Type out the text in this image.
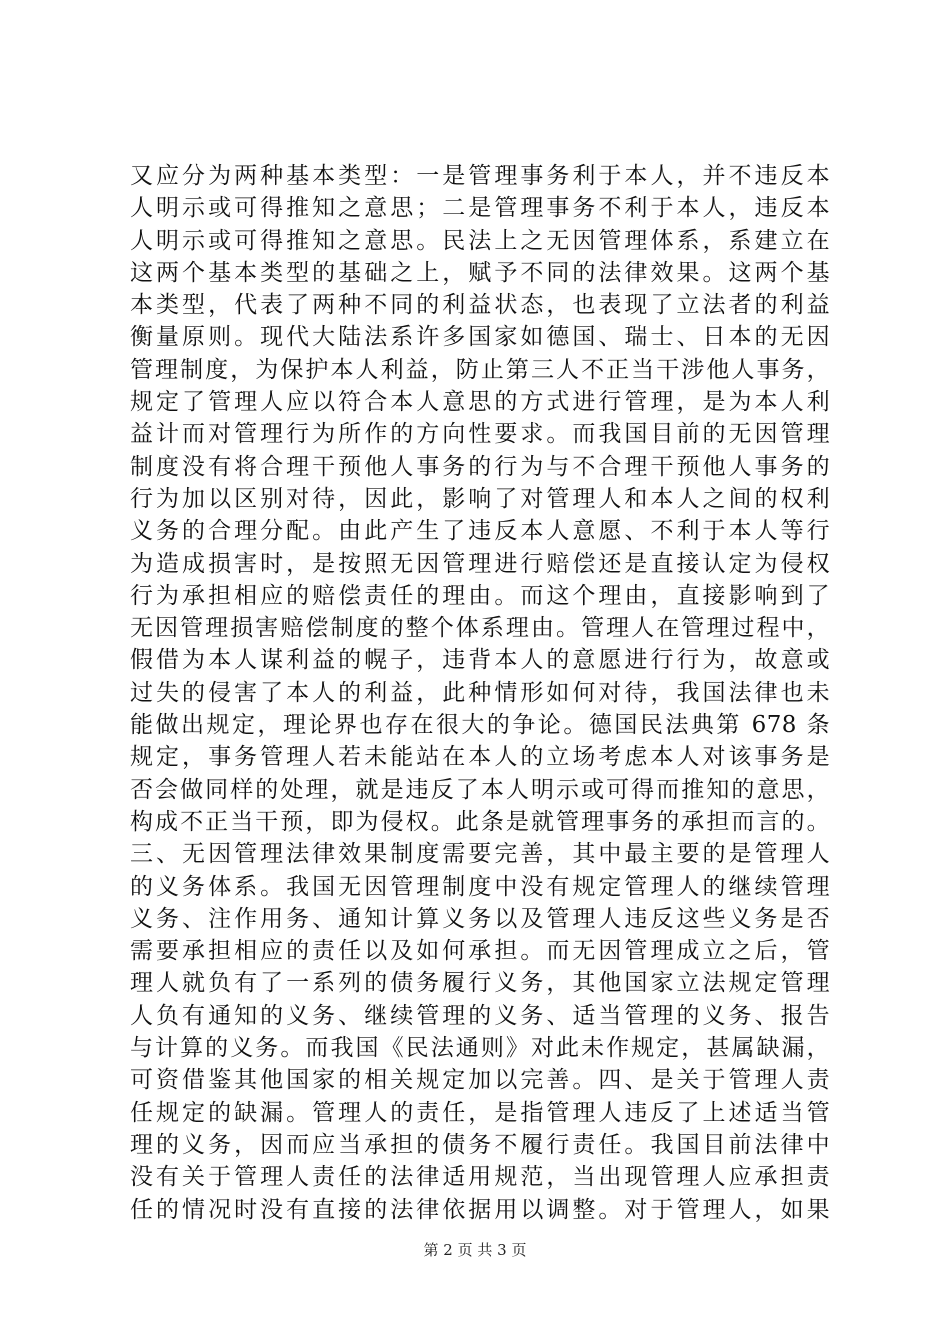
又应分为两种基本类型：一是管理事务利于本人，并不违反本
人明示或可得推知之意思；二是管理事务不利于本人，违反本
人明示或可得推知之意思。民法上之无因管理体系，系建立在
这两个基本类型的基础之上，赋予不同的法律效果。这两个基
本类型，代表了两种不同的利益状态，也表现了立法者的利益
衡量原则。现代大陆法系许多国家如德国、瑞士、日本的无因
管理制度，为保护本人利益，防止第三人不正当干涉他人事务，
规定了管理人应以符合本人意思的方式进行管理，是为本人利
益计而对管理行为所作的方向性要求。而我国目前的无因管理
制度没有将合理干预他人事务的行为与不合理干预他人事务的
行为加以区别对待，因此，影响了对管理人和本人之间的权利
义务的合理分配。由此产生了违反本人意愿、不利于本人等行
为造成损害时，是按照无因管理进行赔偿还是直接认定为侵权
行为承担相应的赔偿责任的理由。而这个理由，直接影响到了
无因管理损害赔偿制度的整个体系理由。管理人在管理过程中，
假借为本人谋利益的幌子，违背本人的意愿进行行为，故意或
过失的侵害了本人的利益，此种情形如何对待，我国法律也未
能做出规定，理论界也存在很大的争论。德国民法典第 678 条
规定，事务管理人若未能站在本人的立场考虑本人对该事务是
否会做同样的处理，就是违反了本人明示或可得而推知的意思，
构成不正当干预，即为侵权。此条是就管理事务的承担而言的。
三、无因管理法律效果制度需要完善，其中最主要的是管理人
的义务体系。我国无因管理制度中没有规定管理人的继续管理
义务、注作用务、通知计算义务以及管理人违反这些义务是否
需要承担相应的责任以及如何承担。而无因管理成立之后，管
理人就负有了一系列的债务履行义务，其他国家立法规定管理
人负有通知的义务、继续管理的义务、适当管理的义务、报告
与计算的义务。而我国《民法通则》对此未作规定，甚属缺漏，
可资借鉴其他国家的相关规定加以完善。四、是关于管理人责
任规定的缺漏。管理人的责任，是指管理人违反了上述适当管
理的义务，因而应当承担的债务不履行责任。我国目前法律中
没有关于管理人责任的法律适用规范，当出现管理人应承担责
任的情况时没有直接的法律依据用以调整。对于管理人，如果
第 2 页 共 3 页
